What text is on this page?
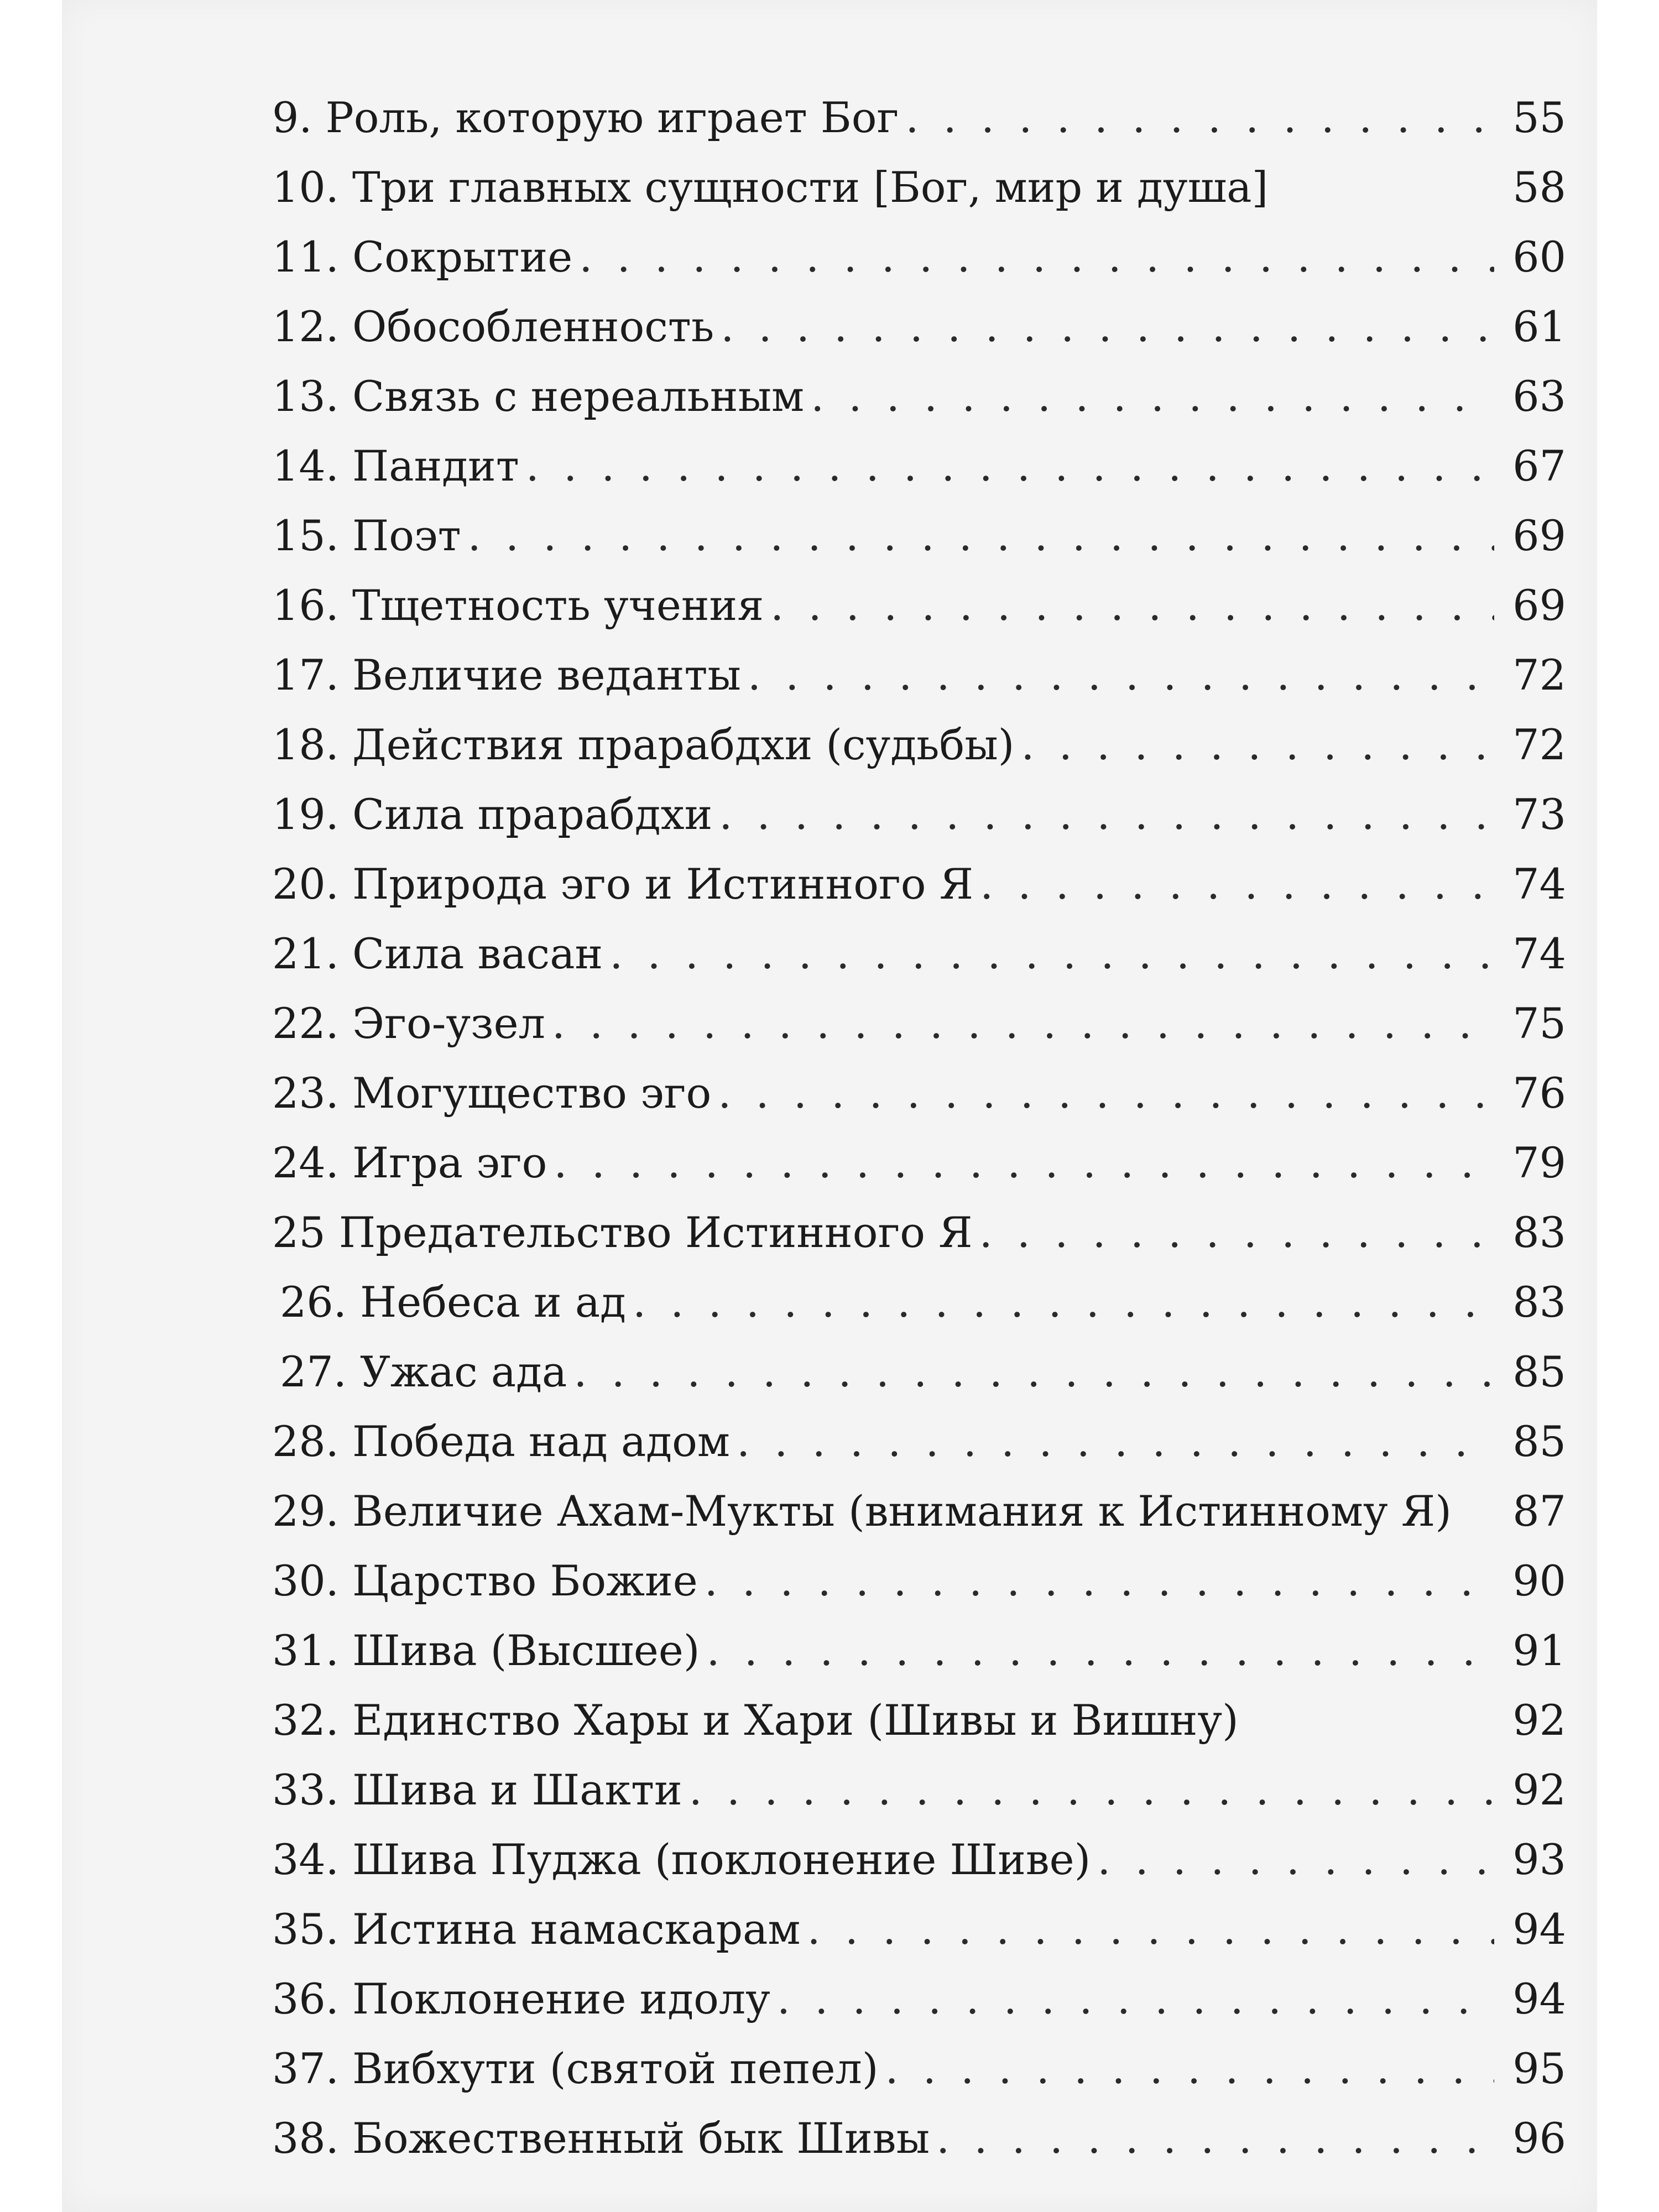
9. Роль, которую играет Бог . . .	55
10. Три главных сущности [Бог, мир и душа]	58
11. Сокрытие . . .	60
12. Обособленность . . .	61
13. Связь с нереальным . . .	63
14. Пандит . . .	67
15. Поэт . . .	69
16. Тщетность учения . . .	69
17. Величие веданты . . .	72
18. Действия прарабдхи (судьбы) . . .	72
19. Сила прарабдхи . . .	73
20. Природа эго и Истинного Я . . .	74
21. Сила васан . . .	74
22. Эго-узел . . .	75
23. Могущество эго . . .	76
24. Игра эго . . .	79
25 Предательство Истинного Я . . .	83
26. Небеса и ад . . .	83
27. Ужас ада . . .	85
28. Победа над адом . . .	85
29. Величие Ахам-Мукты (внимания к Истинному Я)	87
30. Царство Божие . . .	90
31. Шива (Высшее) . . .	91
32. Единство Хары и Хари (Шивы и Вишну)	92
33. Шива и Шакти . . .	92
34. Шива Пуджа (поклонение Шиве) . . .	93
35. Истина намаскарам . . .	94
36. Поклонение идолу . . .	94
37. Вибхути (святой пепел) . . .	95
38. Божественный бык Шивы . . .	96
